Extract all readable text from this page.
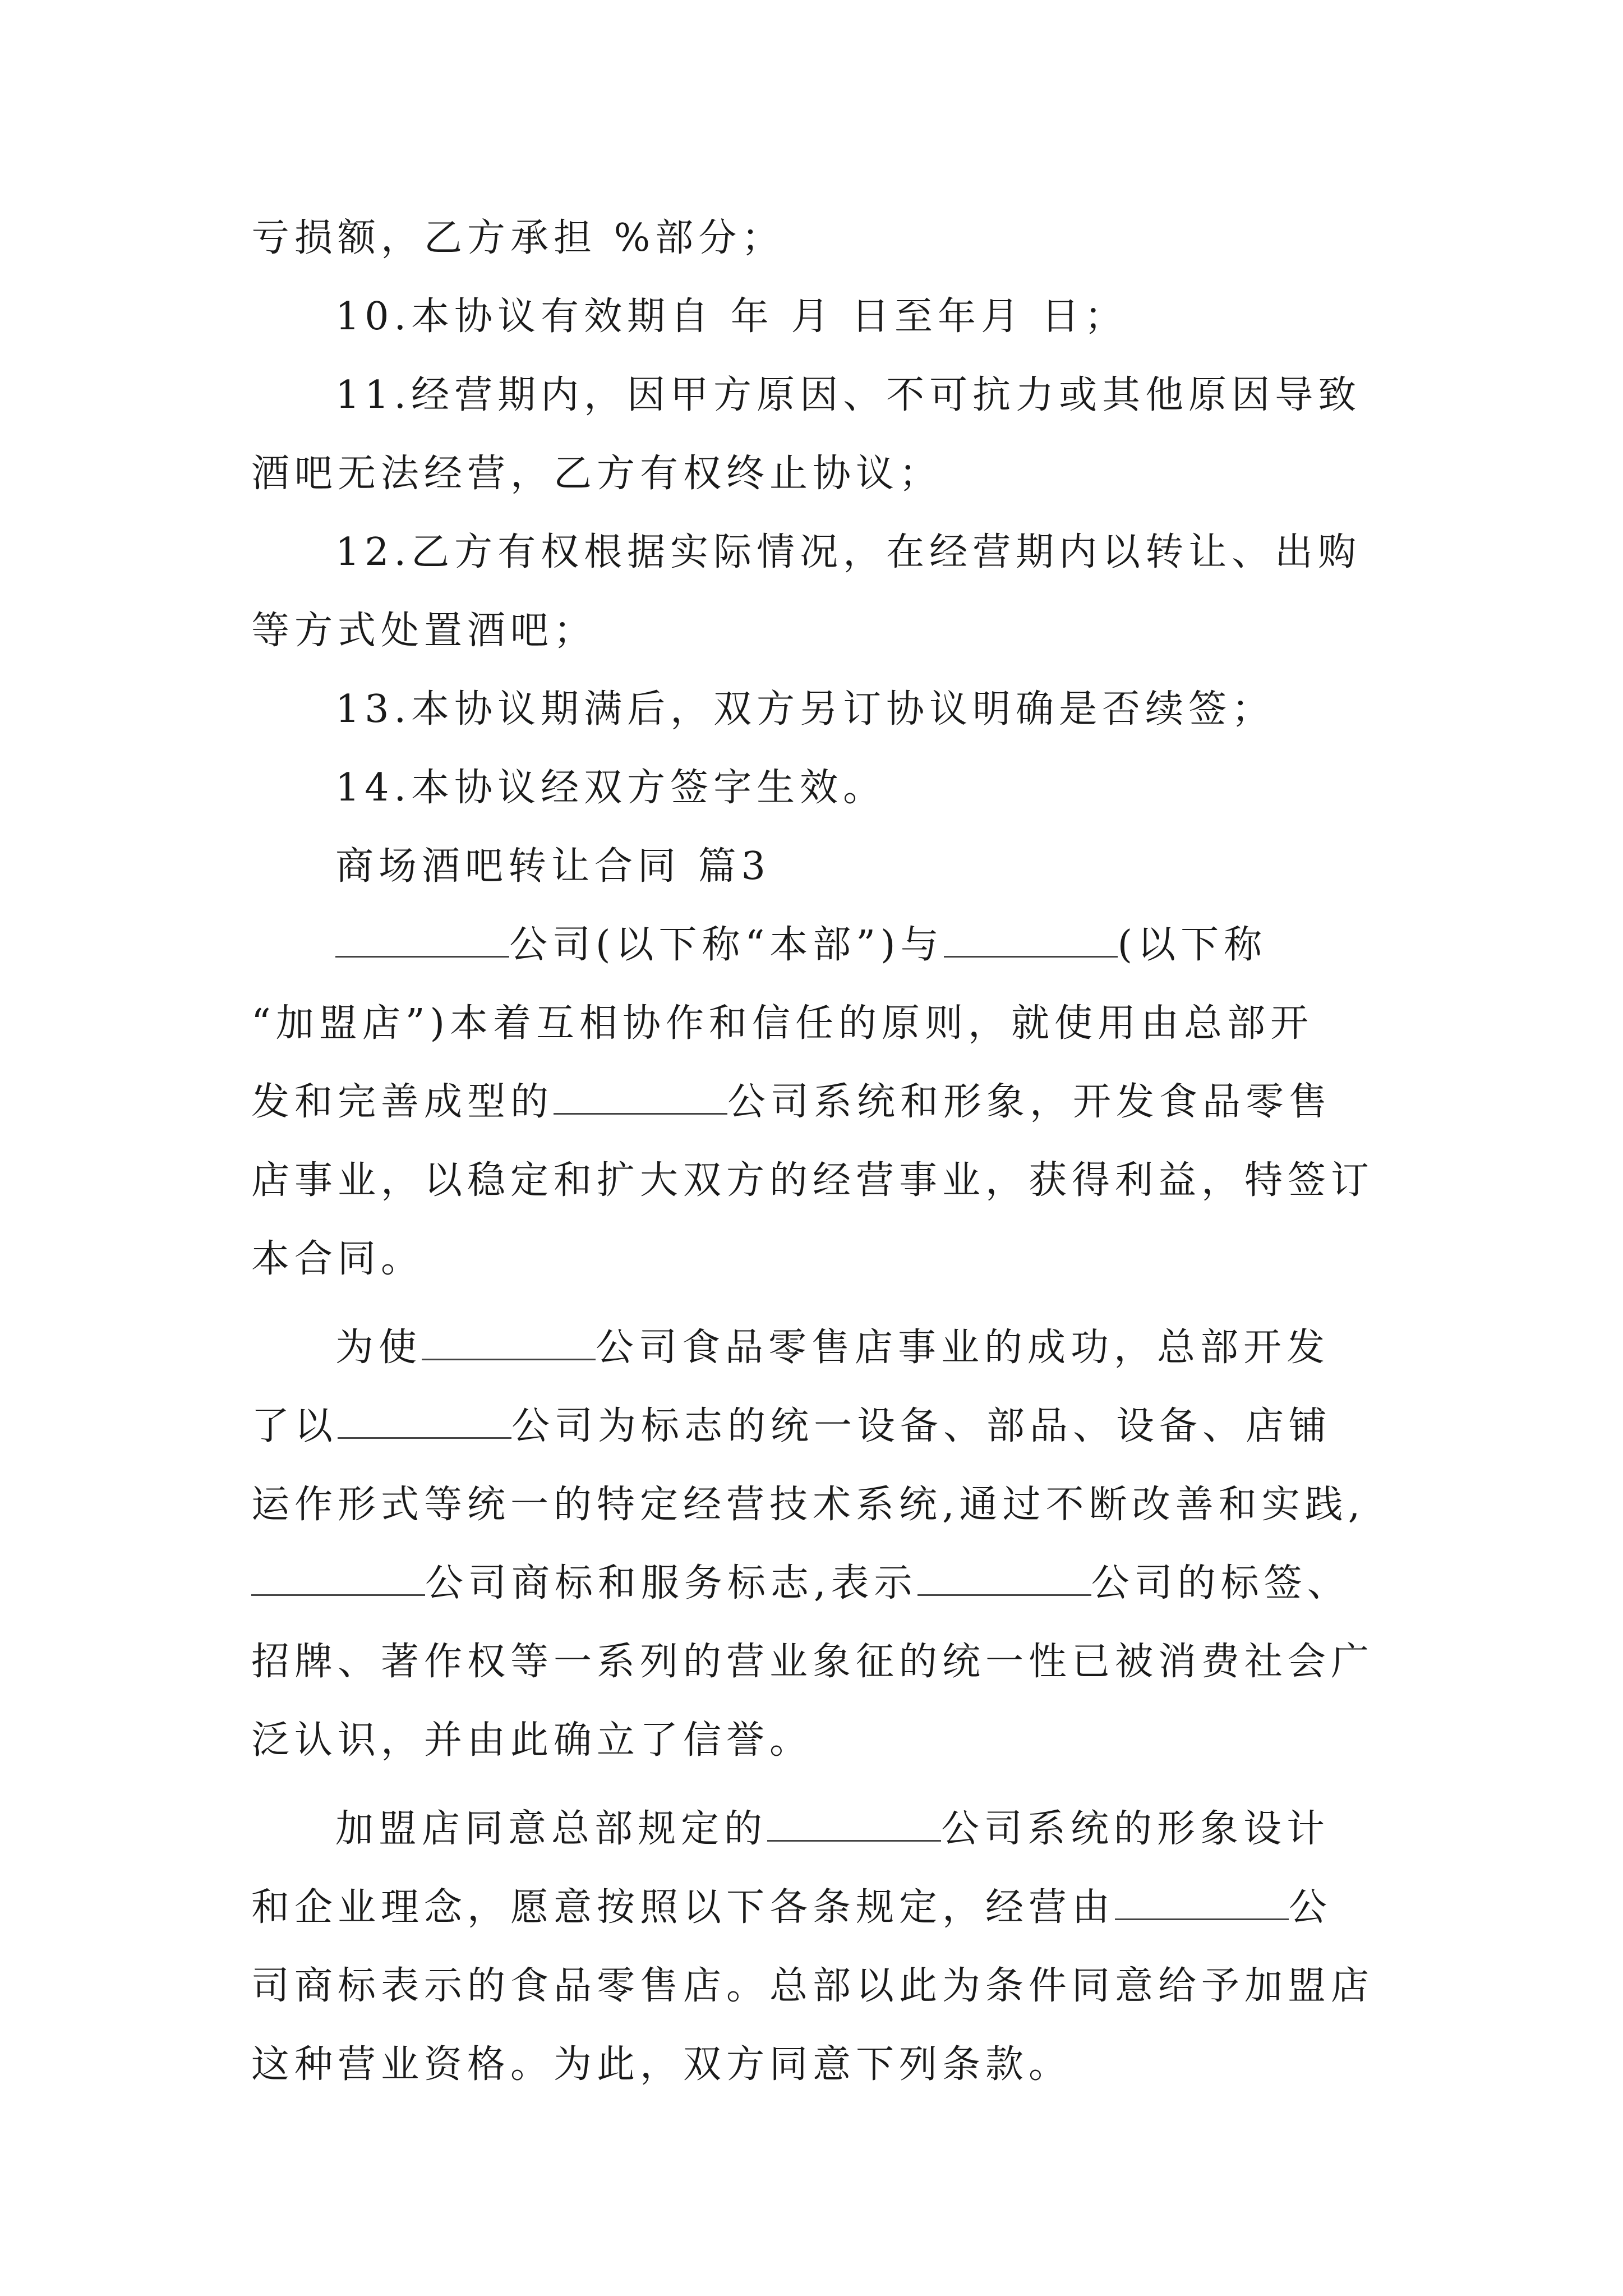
亏损额，乙方承担 %部分；
10.本协议有效期自 年 月 日至年月 日；
11.经营期内，因甲方原因、不可抗力或其他原因导致
酒吧无法经营，乙方有权终止协议；
12.乙方有权根据实际情况，在经营期内以转让、出购
等方式处置酒吧；
13.本协议期满后，双方另订协议明确是否续签；
14.本协议经双方签字生效。
商场酒吧转让合同 篇3
公司(以下称“本部”)与	(以下称
“加盟店”)本着互相协作和信任的原则，就使用由总部开
发和完善成型的	公司系统和形象，开发食品零售
店事业，以稳定和扩大双方的经营事业，获得利益，特签订
本合同。
为使	公司食品零售店事业的成功，总部开发
了以	公司为标志的统一设备、部品、设备、店铺
运作形式等统一的特定经营技术系统,通过不断改善和实践,
公司商标和服务标志,表示	公司的标签、
招牌、著作权等一系列的营业象征的统一性已被消费社会广
泛认识，并由此确立了信誉。
加盟店同意总部规定的	公司系统的形象设计
和企业理念，愿意按照以下各条规定，经营由	公
司商标表示的食品零售店。总部以此为条件同意给予加盟店
这种营业资格。为此，双方同意下列条款。
